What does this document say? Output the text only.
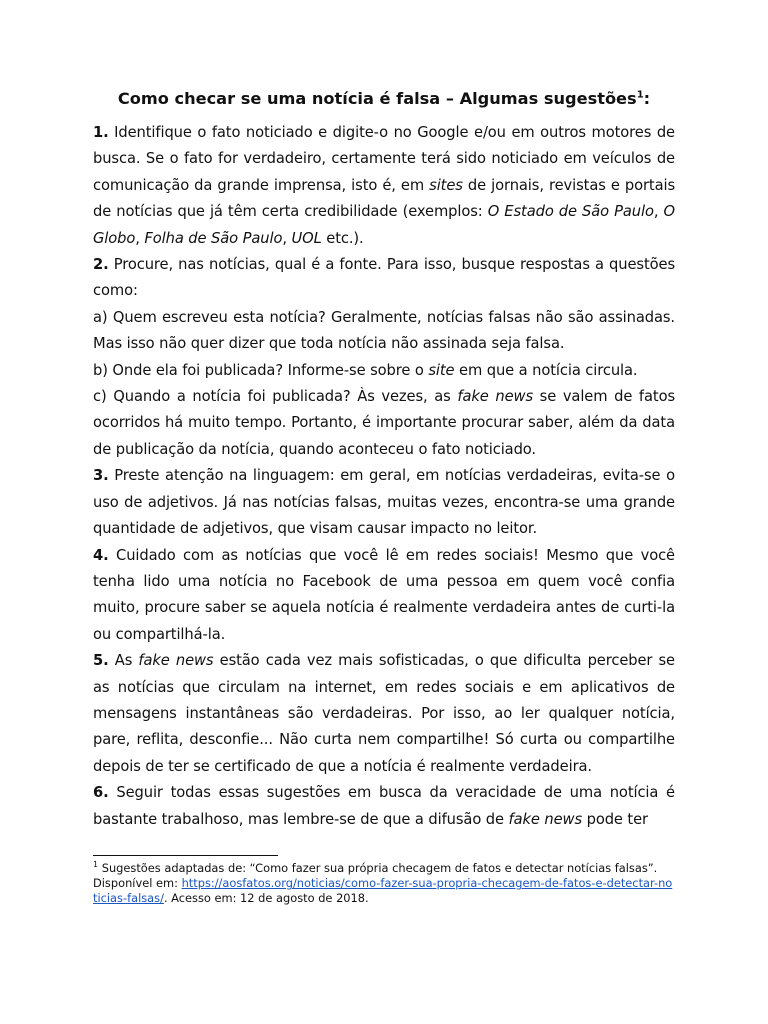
Como checar se uma notícia é falsa – Algumas sugestões$^1$:

1. Identifique o fato noticiado e digite-o no Google e/ou em outros motores de busca. Se o fato for verdadeiro, certamente terá sido noticiado em veículos de comunicação da grande imprensa, isto é, em sites de jornais, revistas e portais de notícias que já têm certa credibilidade (exemplos: O Estado de São Paulo, O Globo, Folha de São Paulo, UOL etc.).

2. Procure, nas notícias, qual é a fonte. Para isso, busque respostas a questões como:

a) Quem escreveu esta notícia? Geralmente, notícias falsas não são assinadas. Mas isso não quer dizer que toda notícia não assinada seja falsa.

b) Onde ela foi publicada? Informe-se sobre o site em que a notícia circula.

c) Quando a notícia foi publicada? Às vezes, as fake news se valem de fatos ocorridos há muito tempo. Portanto, é importante procurar saber, além da data de publicação da notícia, quando aconteceu o fato noticiado.

3. Preste atenção na linguagem: em geral, em notícias verdadeiras, evita-se o uso de adjetivos. Já nas notícias falsas, muitas vezes, encontra-se uma grande quantidade de adjetivos, que visam causar impacto no leitor.

4. Cuidado com as notícias que você lê em redes sociais! Mesmo que você tenha lido uma notícia no Facebook de uma pessoa em quem você confia muito, procure saber se aquela notícia é realmente verdadeira antes de curti-la ou compartilhá-la.

5. As fake news estão cada vez mais sofisticadas, o que dificulta perceber se as notícias que circulam na internet, em redes sociais e em aplicativos de mensagens instantâneas são verdadeiras. Por isso, ao ler qualquer notícia, pare, reflita, desconfie... Não curta nem compartilhe! Só curta ou compartilhe depois de ter se certificado de que a notícia é realmente verdadeira.

6. Seguir todas essas sugestões em busca da veracidade de uma notícia é bastante trabalhoso, mas lembre-se de que a difusão de fake news pode ter

$^1$ Sugestões adaptadas de: “Como fazer sua própria checagem de fatos e detectar notícias falsas”. Disponível em: https://aosfatos.org/noticias/como-fazer-sua-propria-checagem-de-fatos-e-detectar-noticias-falsas/. Acesso em: 12 de agosto de 2018.
